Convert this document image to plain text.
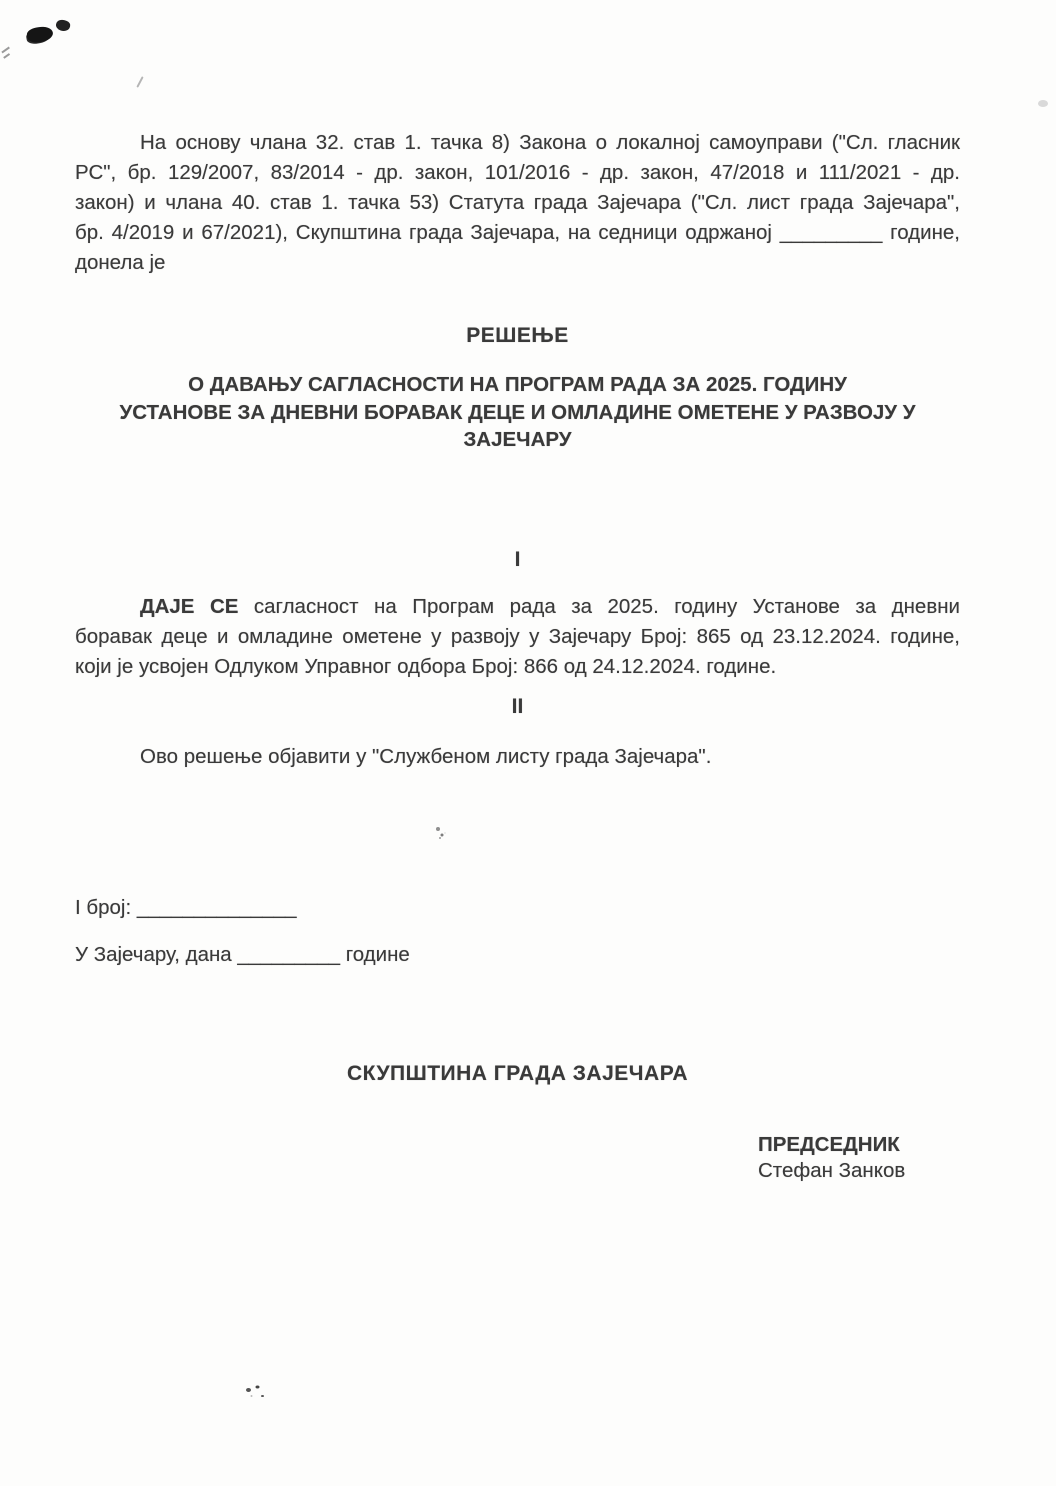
На основу члана 32. став 1. тачка 8) Закона о локалној самоуправи ("Сл. гласник
РС", бр. 129/2007, 83/2014 - др. закон, 101/2016 - др. закон, 47/2018 и 111/2021 - др.
закон) и члана 40. став 1. тачка 53) Статута града Зајечара ("Сл. лист града Зајечара",
бр. 4/2019 и 67/2021), Скупштина града Зајечара, на седници одржаној _________ године,
донела је
РЕШЕЊЕ
О ДАВАЊУ САГЛАСНОСТИ НА ПРОГРАМ РАДА ЗА 2025. ГОДИНУ
УСТАНОВЕ ЗА ДНЕВНИ БОРАВАК ДЕЦЕ И ОМЛАДИНЕ ОМЕТЕНЕ У РАЗВОЈУ У
ЗАЈЕЧАРУ
I
ДАЈЕ СЕ сагласност на Програм рада за 2025. годину Установе за дневни
боравак деце и омладине ометене у развоју у Зајечару Број: 865 од 23.12.2024. године,
који је усвојен Одлуком Управног одбора Број: 866 од 24.12.2024. године.
II
Ово решење објавити у "Службеном листу града Зајечара".
I број: ______________
У Зајечару, дана _________ године
СКУПШТИНА ГРАДА ЗАЈЕЧАРА
ПРЕДСЕДНИК
Стефан Занков
